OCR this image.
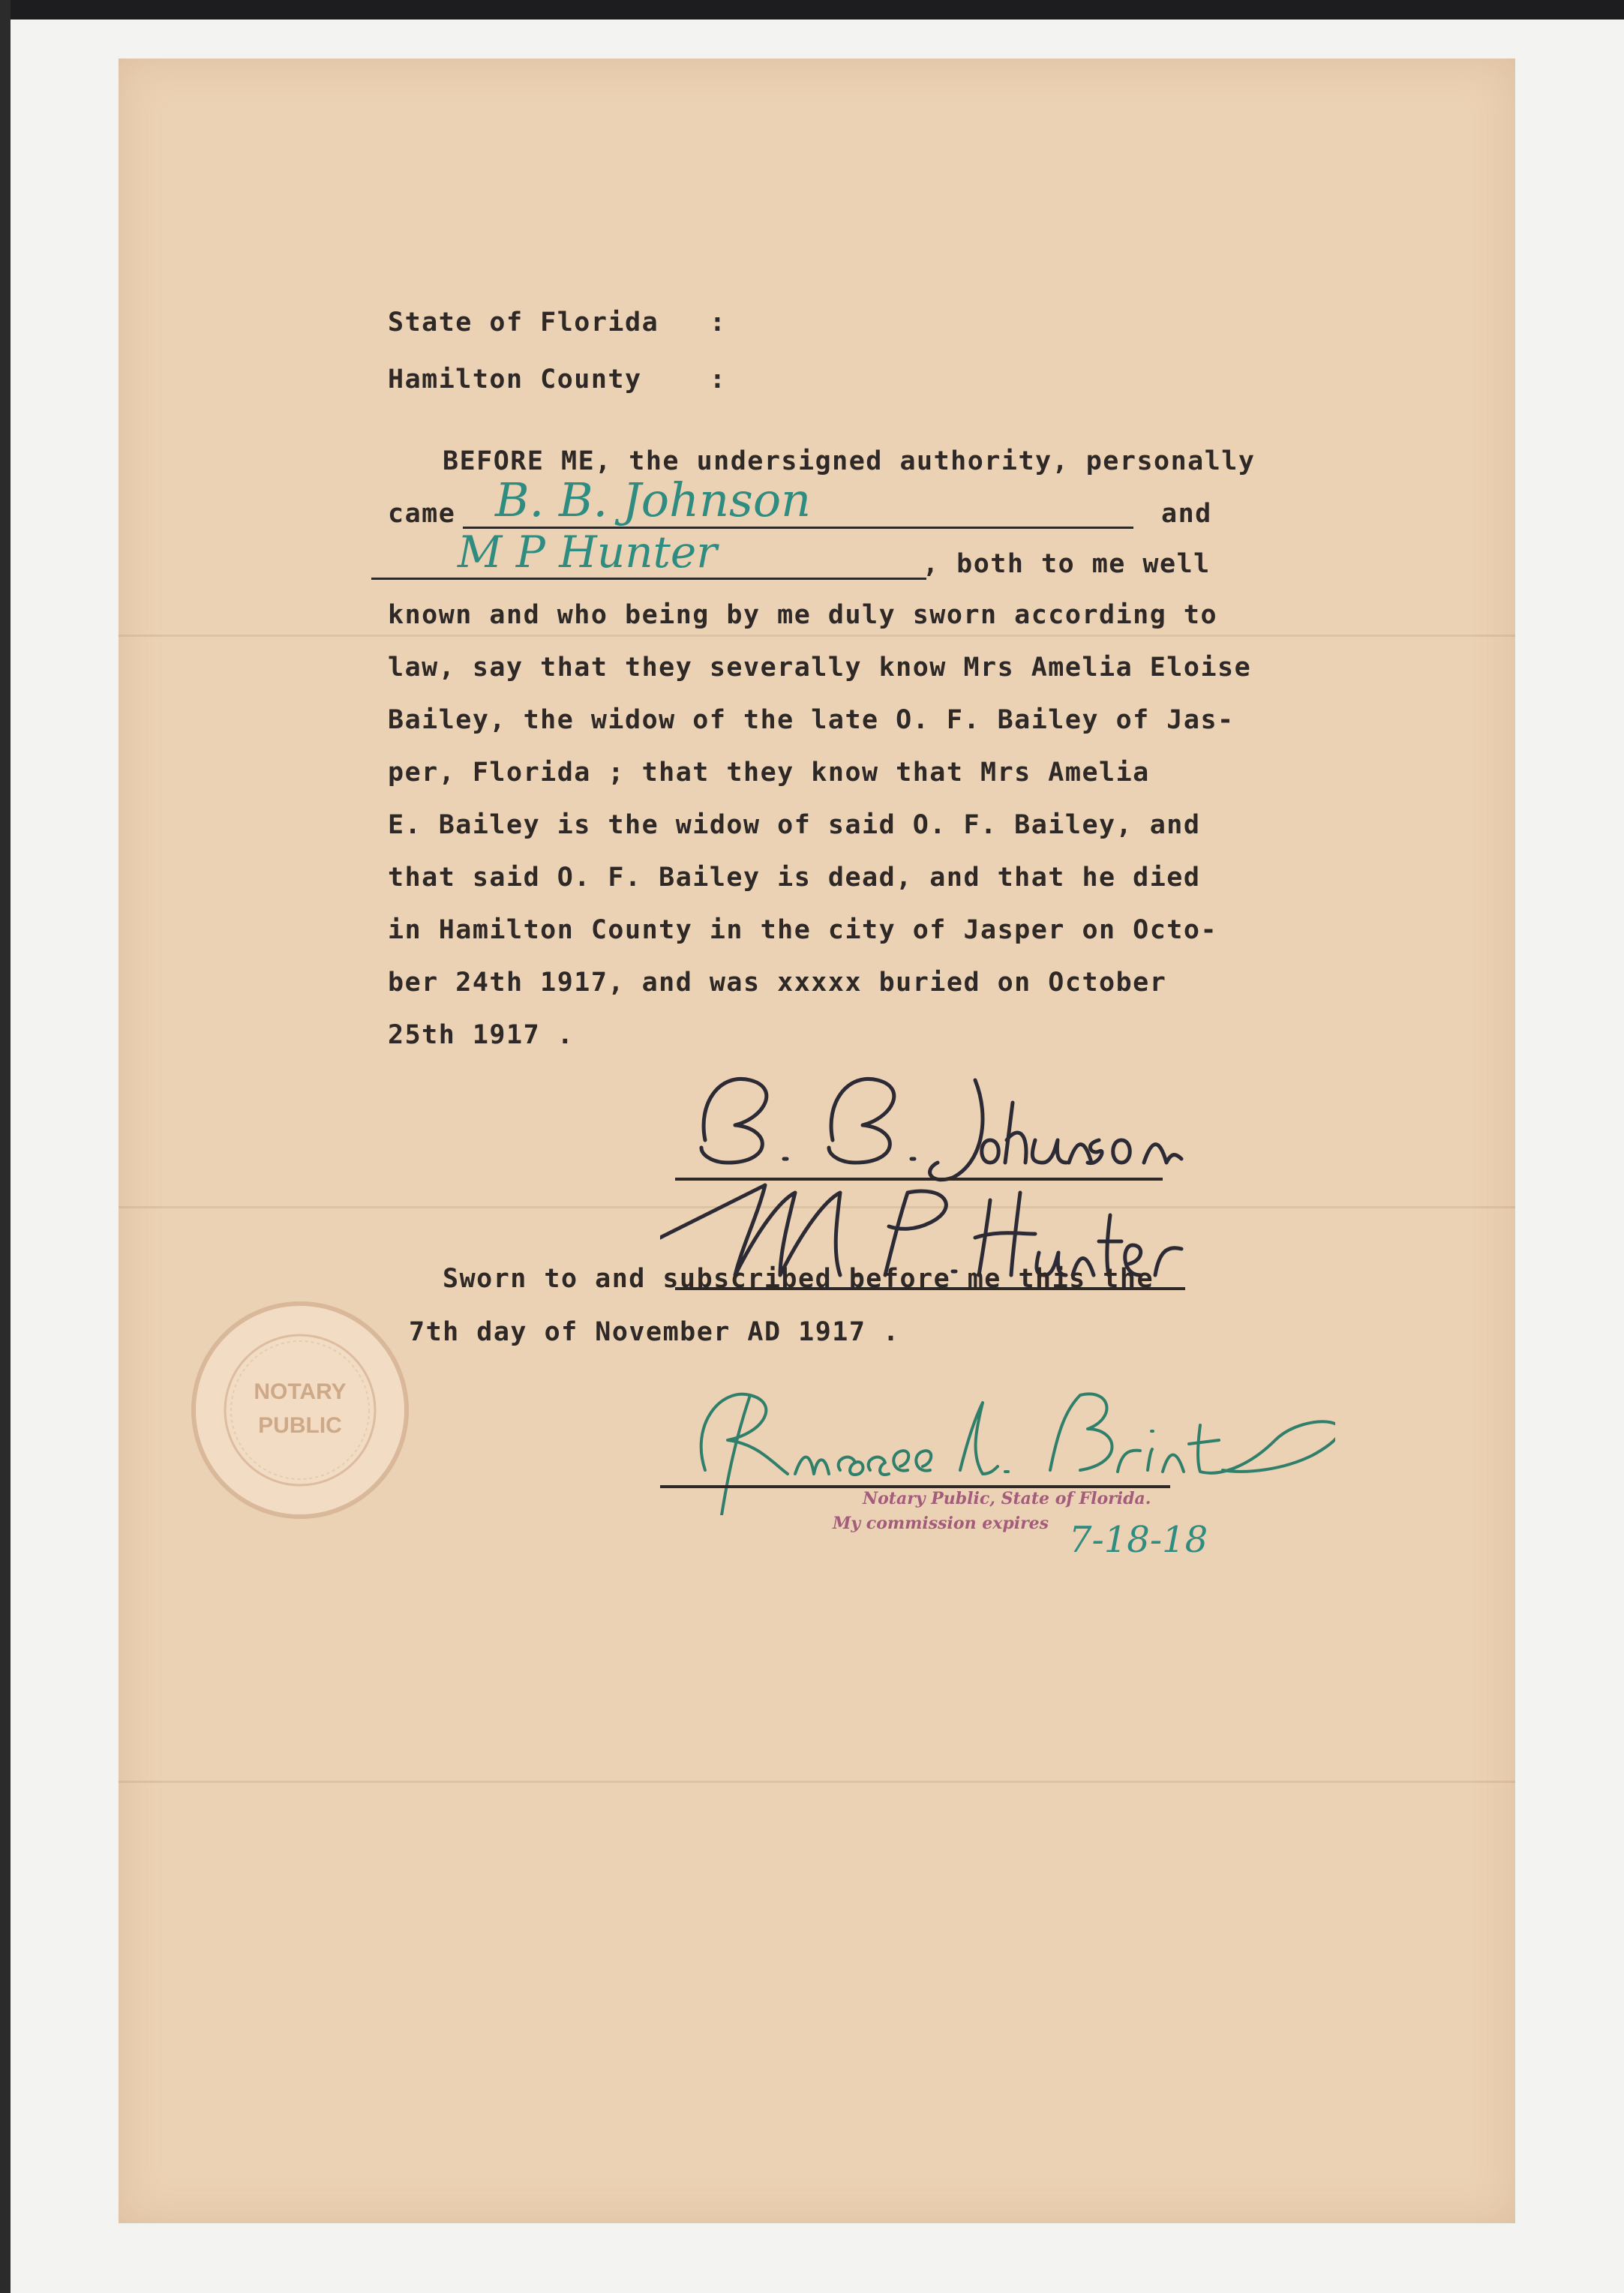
State of Florida   :
Hamilton County    :
BEFORE ME, the undersigned authority, personally
came B. B. Johnson	and
M P Hunter	, both to me well
known and who being by me duly sworn according to
law, say that they severally know Mrs Amelia Eloise
Bailey, the widow of the late O. F. Bailey of Jas-
per, Florida ; that they know that Mrs Amelia
E. Bailey is the widow of said O. F. Bailey, and
that said O. F. Bailey is dead, and that he died
in Hamilton County in the city of Jasper on Octo-
ber 24th 1917, and was xxxxx buried on October
25th 1917 .
Sworn to and subscribed before me this the
7th day of November AD 1917 .
NOTARY
PUBLIC
Notary Public, State of Florida.
My commission expires 7-18-18
